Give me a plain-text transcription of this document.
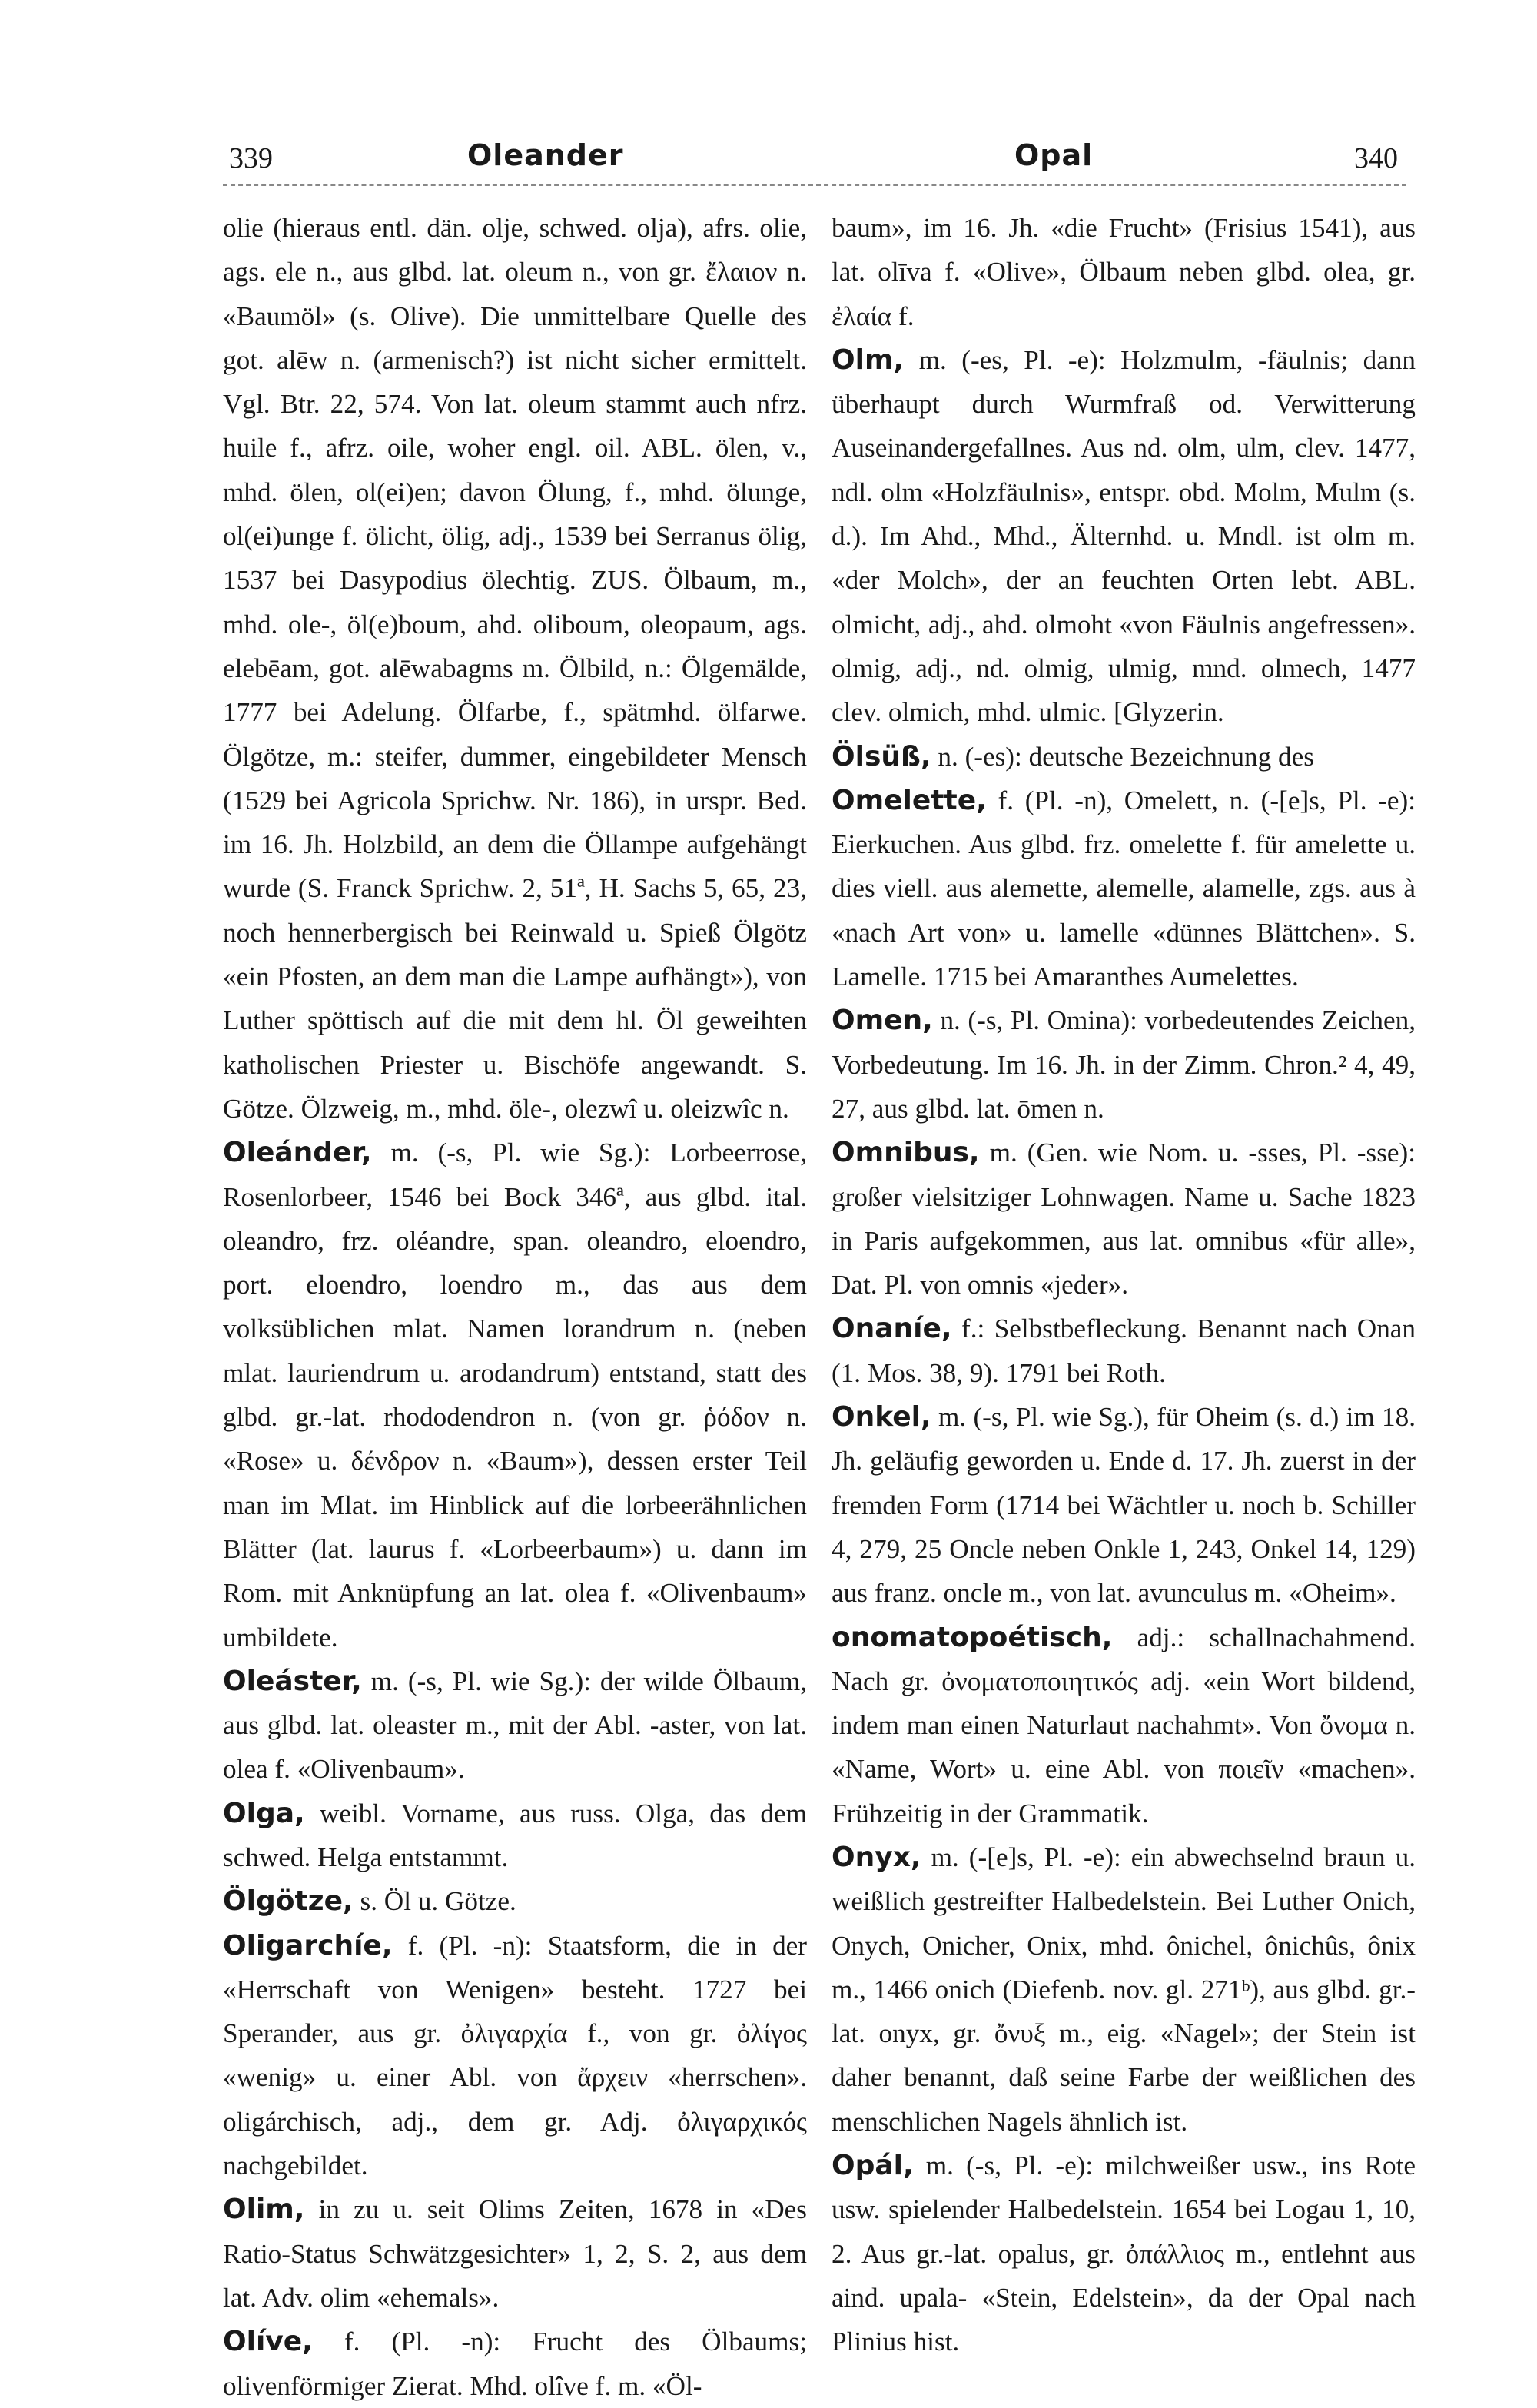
339	Oleander	Opal	340

olie (hieraus entl. dän. olje, schwed. olja), afrs. olie, ags. ele n., aus glbd. lat. oleum n., von gr. ἔλαιον n. «Baumöl» (s. Olive). Die unmittelbare Quelle des got. alēw n. (armenisch?) ist nicht sicher ermittelt. Vgl. Btr. 22, 574. Von lat. oleum stammt auch nfrz. huile f., afrz. oile, woher engl. oil. ABL. ölen, v., mhd. ölen, ol(ei)en; davon Ölung, f., mhd. ölunge, ol(ei)unge f. ölicht, ölig, adj., 1539 bei Serranus ölig, 1537 bei Dasypodius ölechtig. ZUS. Ölbaum, m., mhd. ole-, öl(e)boum, ahd. oliboum, oleopaum, ags. elebēam, got. alēwabagms m. Ölbild, n.: Ölgemälde, 1777 bei Adelung. Ölfarbe, f., spätmhd. ölfarwe. Ölgötze, m.: steifer, dummer, eingebildeter Mensch (1529 bei Agricola Sprichw. Nr. 186), in urspr. Bed. im 16. Jh. Holzbild, an dem die Öllampe aufgehängt wurde (S. Franck Sprichw. 2, 51ª, H. Sachs 5, 65, 23, noch hennerbergisch bei Reinwald u. Spieß Ölgötz «ein Pfosten, an dem man die Lampe aufhängt»), von Luther spöttisch auf die mit dem hl. Öl geweihten katholischen Priester u. Bischöfe angewandt. S. Götze. Ölzweig, m., mhd. öle-, olezwî u. oleizwîc n.

Oleánder, m. (-s, Pl. wie Sg.): Lorbeerrose, Rosenlorbeer, 1546 bei Bock 346ª, aus glbd. ital. oleandro, frz. oléandre, span. oleandro, eloendro, port. eloendro, loendro m., das aus dem volksüblichen mlat. Namen lorandrum n. (neben mlat. lauriendrum u. arodandrum) entstand, statt des glbd. gr.-lat. rhododendron n. (von gr. ῥόδον n. «Rose» u. δένδρον n. «Baum»), dessen erster Teil man im Mlat. im Hinblick auf die lorbeerähnlichen Blätter (lat. laurus f. «Lorbeerbaum») u. dann im Rom. mit Anknüpfung an lat. olea f. «Olivenbaum» umbildete.

Oleáster, m. (-s, Pl. wie Sg.): der wilde Ölbaum, aus glbd. lat. oleaster m., mit der Abl. -aster, von lat. olea f. «Olivenbaum».

Olga, weibl. Vorname, aus russ. Olga, das dem schwed. Helga entstammt.

Ölgötze, s. Öl u. Götze.

Oligarchíe, f. (Pl. -n): Staatsform, die in der «Herrschaft von Wenigen» besteht. 1727 bei Sperander, aus gr. ὀλιγαρχία f., von gr. ὀλίγος «wenig» u. einer Abl. von ἄρχειν «herrschen». oligárchisch, adj., dem gr. Adj. ὀλιγαρχικός nachgebildet.

Olim, in zu u. seit Olims Zeiten, 1678 in «Des Ratio-Status Schwätzgesichter» 1, 2, S. 2, aus dem lat. Adv. olim «ehemals».

Olíve, f. (Pl. -n): Frucht des Ölbaums; olivenförmiger Zierat. Mhd. olîve f. m. «Öl-

baum», im 16. Jh. «die Frucht» (Frisius 1541), aus lat. olīva f. «Olive», Ölbaum neben glbd. olea, gr. ἐλαία f.

Olm, m. (-es, Pl. -e): Holzmulm, -fäulnis; dann überhaupt durch Wurmfraß od. Verwitterung Auseinandergefallnes. Aus nd. olm, ulm, clev. 1477, ndl. olm «Holzfäulnis», entspr. obd. Molm, Mulm (s. d.). Im Ahd., Mhd., Älternhd. u. Mndl. ist olm m. «der Molch», der an feuchten Orten lebt. ABL. olmicht, adj., ahd. olmoht «von Fäulnis angefressen». olmig, adj., nd. olmig, ulmig, mnd. olmech, 1477 clev. olmich, mhd. ulmic. [Glyzerin.

Ölsüß, n. (-es): deutsche Bezeichnung des

Omelette, f. (Pl. -n), Omelett, n. (-[e]s, Pl. -e): Eierkuchen. Aus glbd. frz. omelette f. für amelette u. dies viell. aus alemette, alemelle, alamelle, zgs. aus à «nach Art von» u. lamelle «dünnes Blättchen». S. Lamelle. 1715 bei Amaranthes Aumelettes.

Omen, n. (-s, Pl. Omina): vorbedeutendes Zeichen, Vorbedeutung. Im 16. Jh. in der Zimm. Chron.² 4, 49, 27, aus glbd. lat. ōmen n.

Omnibus, m. (Gen. wie Nom. u. -sses, Pl. -sse): großer vielsitziger Lohnwagen. Name u. Sache 1823 in Paris aufgekommen, aus lat. omnibus «für alle», Dat. Pl. von omnis «jeder».

Onaníe, f.: Selbstbefleckung. Benannt nach Onan (1. Mos. 38, 9). 1791 bei Roth.

Onkel, m. (-s, Pl. wie Sg.), für Oheim (s. d.) im 18. Jh. geläufig geworden u. Ende d. 17. Jh. zuerst in der fremden Form (1714 bei Wächtler u. noch b. Schiller 4, 279, 25 Oncle neben Onkle 1, 243, Onkel 14, 129) aus franz. oncle m., von lat. avunculus m. «Oheim».

onomatopoétisch, adj.: schallnachahmend. Nach gr. ὀνοματοποιητικός adj. «ein Wort bildend, indem man einen Naturlaut nachahmt». Von ὄνομα n. «Name, Wort» u. eine Abl. von ποιεῖν «machen». Frühzeitig in der Grammatik.

Onyx, m. (-[e]s, Pl. -e): ein abwechselnd braun u. weißlich gestreifter Halbedelstein. Bei Luther Onich, Onych, Onicher, Onix, mhd. ônichel, ônichûs, ônix m., 1466 onich (Diefenb. nov. gl. 271ᵇ), aus glbd. gr.-lat. onyx, gr. ὄνυξ m., eig. «Nagel»; der Stein ist daher benannt, daß seine Farbe der weißlichen des menschlichen Nagels ähnlich ist.

Opál, m. (-s, Pl. -e): milchweißer usw., ins Rote usw. spielender Halbedelstein. 1654 bei Logau 1, 10, 2. Aus gr.-lat. opalus, gr. ὀπάλλιος m., entlehnt aus aind. upala- «Stein, Edelstein», da der Opal nach Plinius hist.
